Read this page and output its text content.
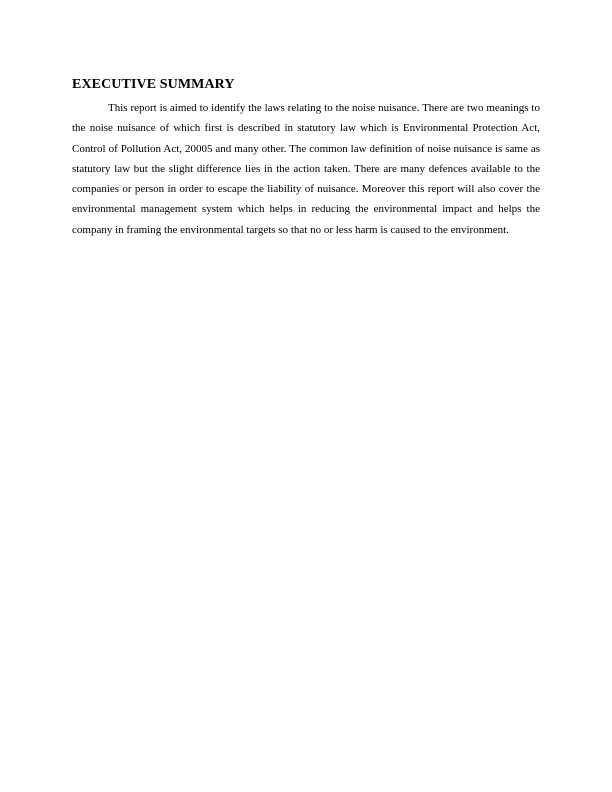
EXECUTIVE SUMMARY

This report is aimed to identify the laws relating to the noise nuisance. There are two meanings to the noise nuisance of which first is described in statutory law which is Environmental Protection Act, Control of Pollution Act, 20005 and many other. The common law definition of noise nuisance is same as statutory law but the slight difference lies in the action taken. There are many defences available to the companies or person in order to escape the liability of nuisance. Moreover this report will also cover the environmental management system which helps in reducing the environmental impact and helps the company in framing the environmental targets so that no or less harm is caused to the environment.
